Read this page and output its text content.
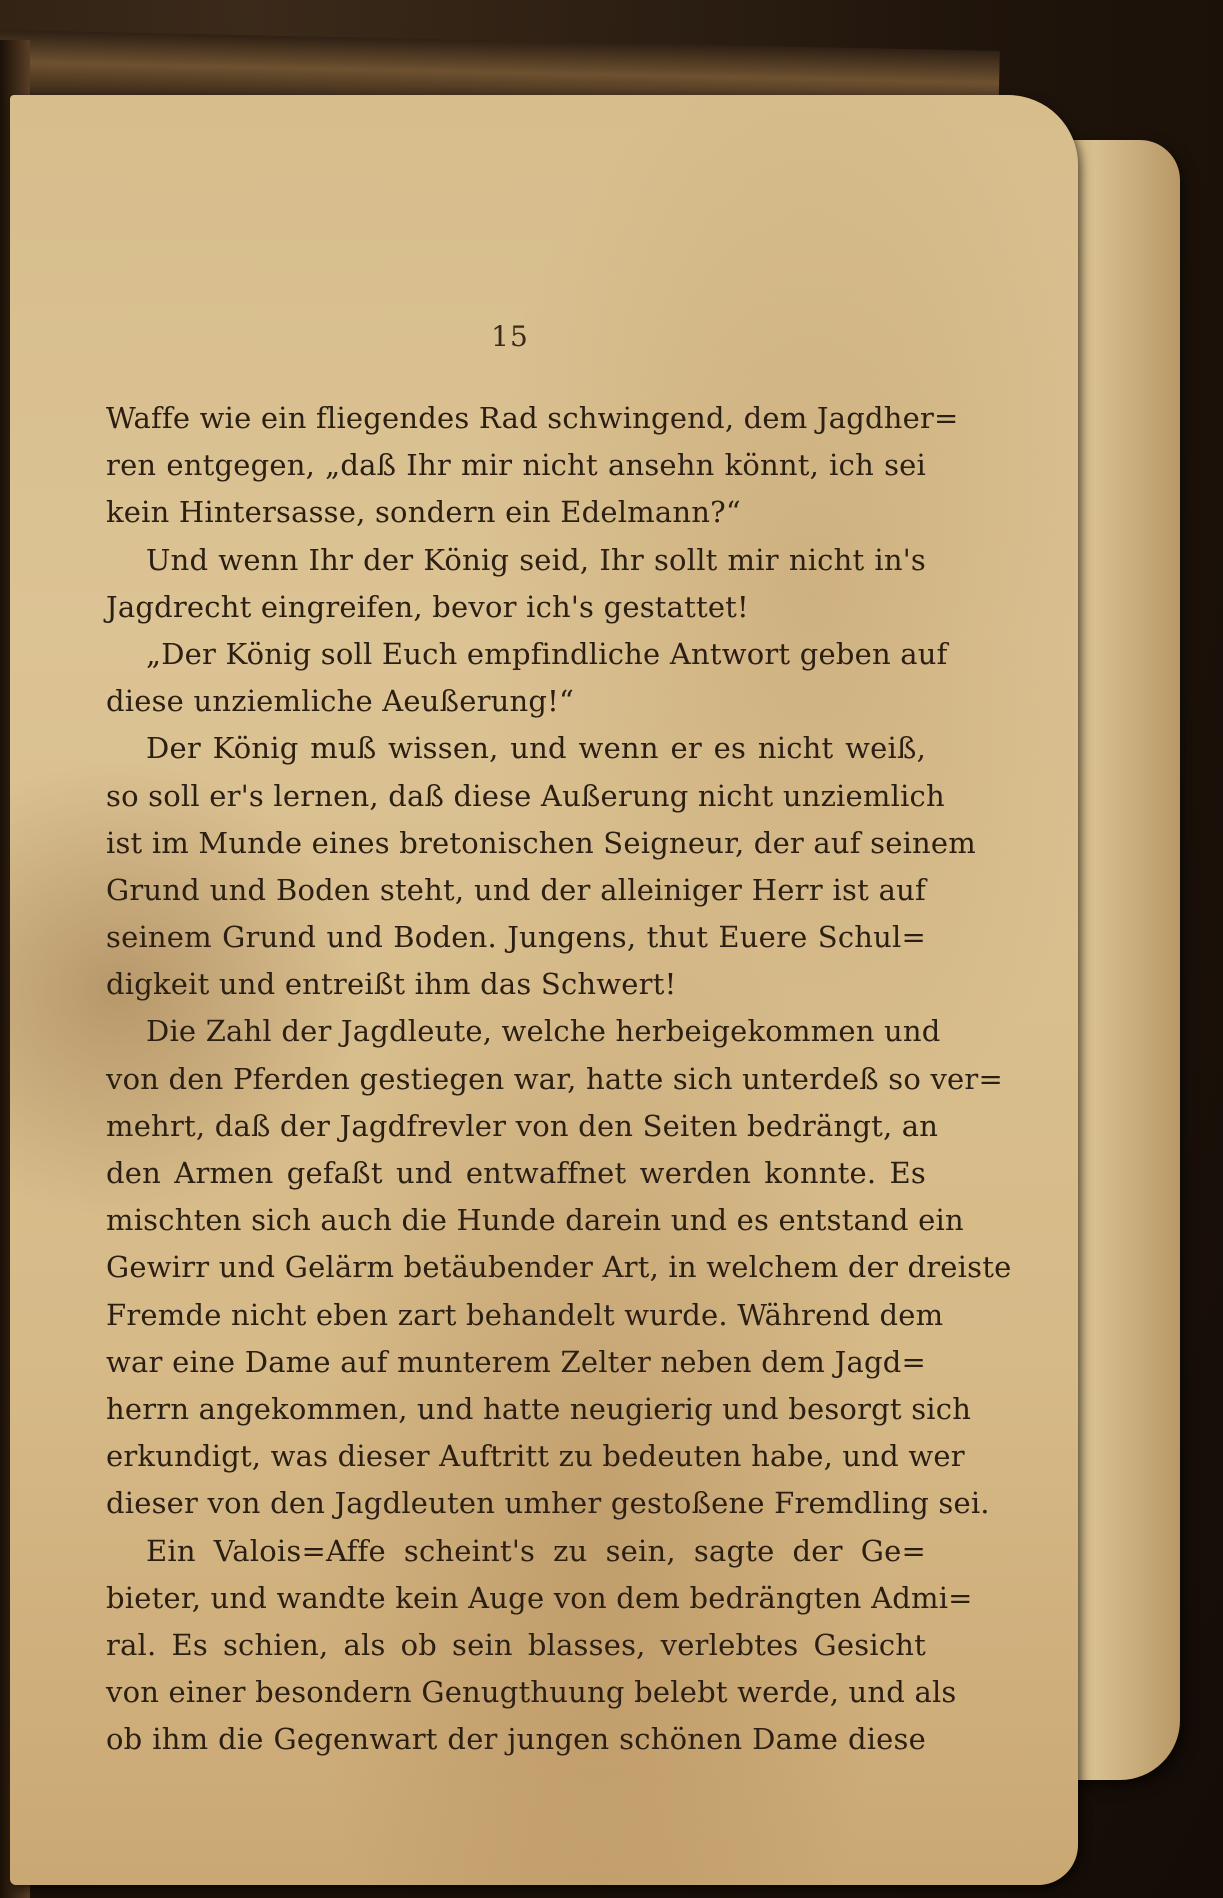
15
Waffe wie ein fliegendes Rad schwingend, dem Jagdher=
ren entgegen, „daß Ihr mir nicht ansehn könnt, ich sei
kein Hintersasse, sondern ein Edelmann?“
Und wenn Ihr der König seid, Ihr sollt mir nicht in's
Jagdrecht eingreifen, bevor ich's gestattet!
„Der König soll Euch empfindliche Antwort geben auf
diese unziemliche Aeußerung!“
Der König muß wissen, und wenn er es nicht weiß,
so soll er's lernen, daß diese Außerung nicht unziemlich
ist im Munde eines bretonischen Seigneur, der auf seinem
Grund und Boden steht, und der alleiniger Herr ist auf
seinem Grund und Boden. Jungens, thut Euere Schul=
digkeit und entreißt ihm das Schwert!
Die Zahl der Jagdleute, welche herbeigekommen und
von den Pferden gestiegen war, hatte sich unterdeß so ver=
mehrt, daß der Jagdfrevler von den Seiten bedrängt, an
den Armen gefaßt und entwaffnet werden konnte. Es
mischten sich auch die Hunde darein und es entstand ein
Gewirr und Gelärm betäubender Art, in welchem der dreiste
Fremde nicht eben zart behandelt wurde. Während dem
war eine Dame auf munterem Zelter neben dem Jagd=
herrn angekommen, und hatte neugierig und besorgt sich
erkundigt, was dieser Auftritt zu bedeuten habe, und wer
dieser von den Jagdleuten umher gestoßene Fremdling sei.
Ein Valois=Affe scheint's zu sein, sagte der Ge=
bieter, und wandte kein Auge von dem bedrängten Admi=
ral. Es schien, als ob sein blasses, verlebtes Gesicht
von einer besondern Genugthuung belebt werde, und als
ob ihm die Gegenwart der jungen schönen Dame diese
